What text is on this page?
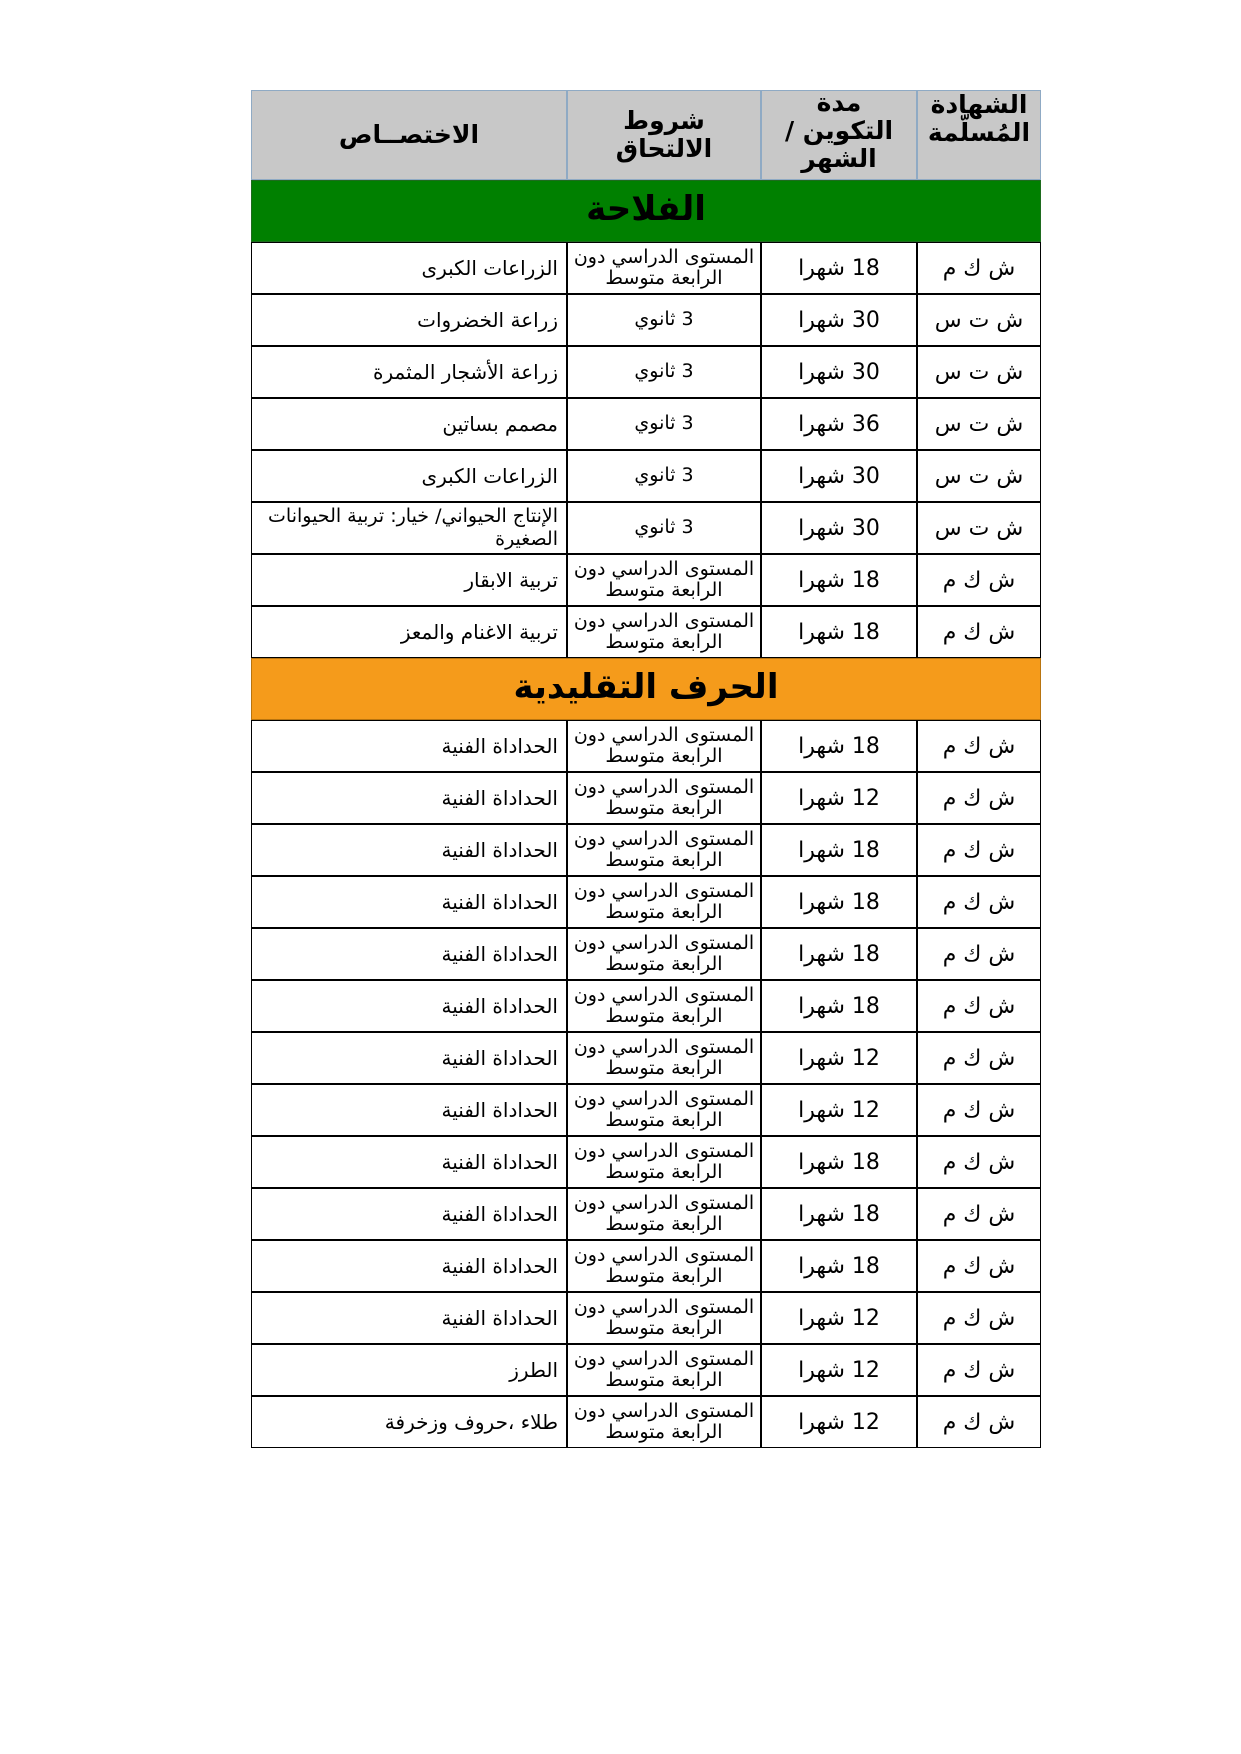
الشهادة المُسلّمة	مدة التكوين /الشهر	شروط الالتحاق	الاختصــاص

الفلاحة			
ش ك م	18 شهرا	المستوى الدراسي دون الرابعة متوسط	الزراعات الكبرى
ش ت س	30 شهرا	3 ثانوي	زراعة الخضروات
ش ت س	30 شهرا	3 ثانوي	زراعة الأشجار المثمرة
ش ت س	36 شهرا	3 ثانوي	مصمم بساتين
ش ت س	30 شهرا	3 ثانوي	الزراعات الكبرى
ش ت س	30 شهرا	3 ثانوي	الإنتاج الحيواني/ خيار: تربية الحيوانات الصغيرة
ش ك م	18 شهرا	المستوى الدراسي دون الرابعة متوسط	تربية الابقار
ش ك م	18 شهرا	المستوى الدراسي دون الرابعة متوسط	تربية الاغنام والمعز
الحرف التقليدية			
ش ك م	18 شهرا	المستوى الدراسي دون الرابعة متوسط	الحداداة الفنية
ش ك م	12 شهرا	المستوى الدراسي دون الرابعة متوسط	الحداداة الفنية
ش ك م	18 شهرا	المستوى الدراسي دون الرابعة متوسط	الحداداة الفنية
ش ك م	18 شهرا	المستوى الدراسي دون الرابعة متوسط	الحداداة الفنية
ش ك م	18 شهرا	المستوى الدراسي دون الرابعة متوسط	الحداداة الفنية
ش ك م	18 شهرا	المستوى الدراسي دون الرابعة متوسط	الحداداة الفنية
ش ك م	12 شهرا	المستوى الدراسي دون الرابعة متوسط	الحداداة الفنية
ش ك م	12 شهرا	المستوى الدراسي دون الرابعة متوسط	الحداداة الفنية
ش ك م	18 شهرا	المستوى الدراسي دون الرابعة متوسط	الحداداة الفنية
ش ك م	18 شهرا	المستوى الدراسي دون الرابعة متوسط	الحداداة الفنية
ش ك م	18 شهرا	المستوى الدراسي دون الرابعة متوسط	الحداداة الفنية
ش ك م	12 شهرا	المستوى الدراسي دون الرابعة متوسط	الحداداة الفنية
ش ك م	12 شهرا	المستوى الدراسي دون الرابعة متوسط	الطرز
ش ك م	12 شهرا	المستوى الدراسي دون الرابعة متوسط	طلاء ،حروف وزخرفة
